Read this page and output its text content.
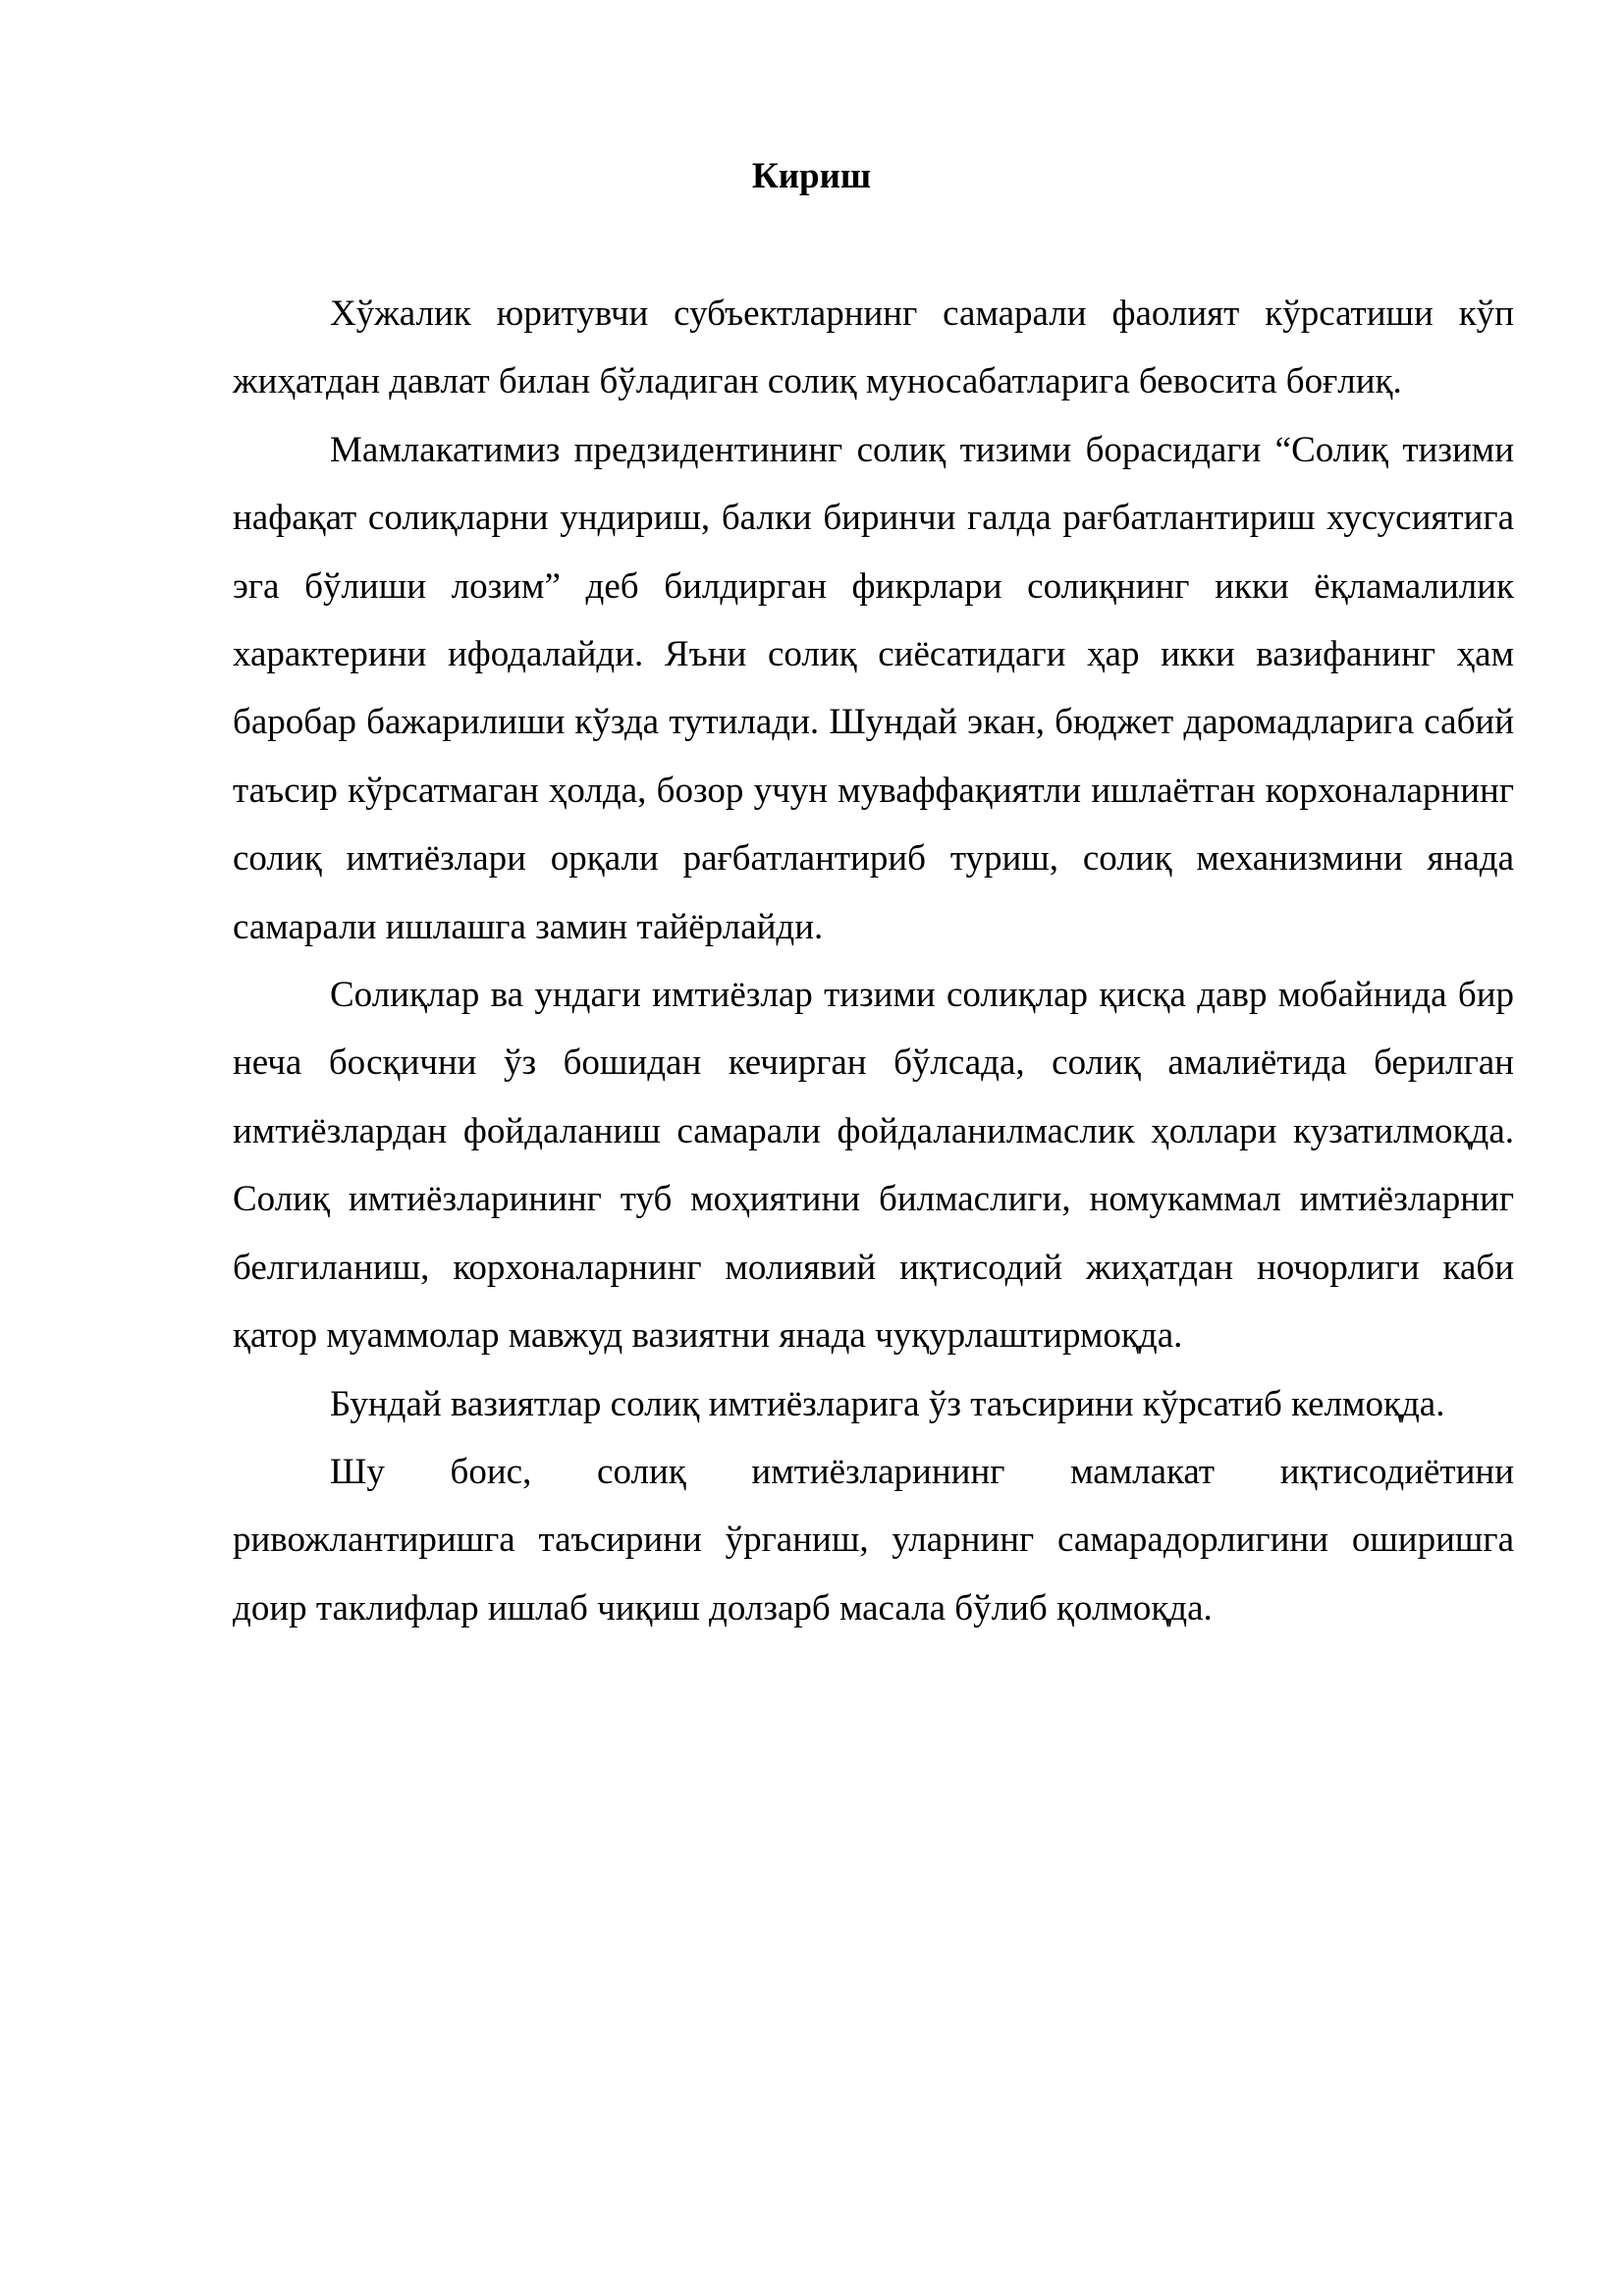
Кириш

Хўжалик юритувчи субъектларнинг самарали фаолият кўрсатиши кўп жиҳатдан давлат билан бўладиган солиқ муносабатларига бевосита боғлиқ.

Мамлакатимиз предзидентининг солиқ тизими борасидаги “Солиқ тизими нафақат солиқларни ундириш, балки биринчи галда рағбатлантириш хусусиятига эга бўлиши лозим” деб билдирган фикрлари солиқнинг икки ёқламалилик характерини ифодалайди. Яъни солиқ сиёсатидаги ҳар икки вазифанинг ҳам баробар бажарилиши кўзда тутилади. Шундай экан, бюджет даромадларига сабий таъсир кўрсатмаган ҳолда, бозор учун муваффақиятли ишлаётган корхоналарнинг солиқ имтиёзлари орқали рағбатлантириб туриш, солиқ механизмини янада самарали ишлашга замин тайёрлайди.

Солиқлар ва ундаги имтиёзлар тизими солиқлар қисқа давр мобайнида бир неча босқични ўз бошидан кечирган бўлсада, солиқ амалиётида берилган имтиёзлардан фойдаланиш самарали фойдаланилмаслик ҳоллари кузатилмоқда. Солиқ имтиёзларининг туб моҳиятини билмаслиги, номукаммал имтиёзларниг белгиланиш, корхоналарнинг молиявий иқтисодий жиҳатдан ночорлиги каби қатор муаммолар мавжуд вазиятни янада чуқурлаштирмоқда.

Бундай вазиятлар солиқ имтиёзларига ўз таъсирини кўрсатиб келмоқда.

Шу боис, солиқ имтиёзларининг мамлакат иқтисодиётини ривожлантиришга таъсирини ўрганиш, уларнинг самарадорлигини оширишга доир таклифлар ишлаб чиқиш долзарб масала бўлиб қолмоқда.
